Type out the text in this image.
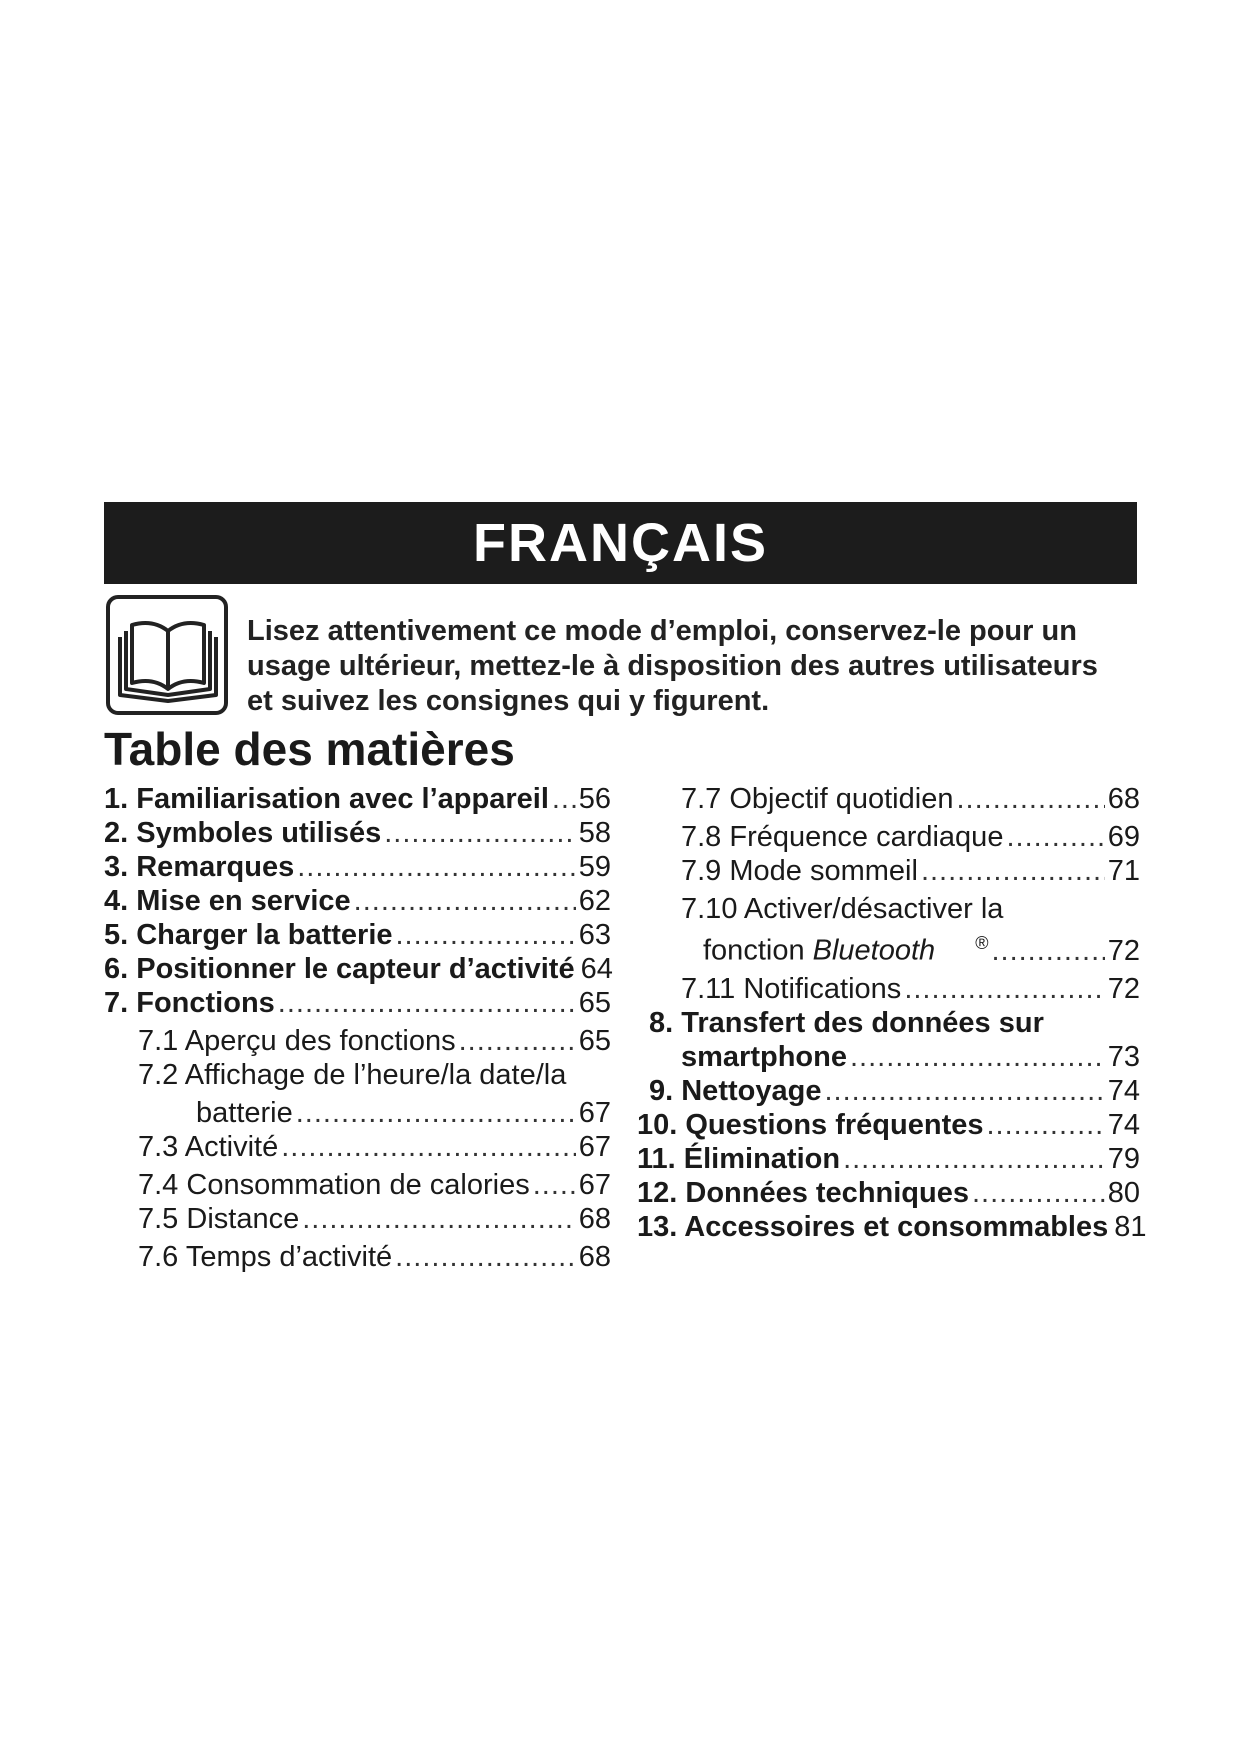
FRANÇAIS
Lisez attentivement ce mode d’emploi, conservez-le pour un
usage ultérieur, mettez-le à disposition des autres utilisateurs
et suivez les consignes qui y figurent.
Table des matières
1. Familiarisation avec l’appareil ..... 56
2. Symboles utilisés .....	58
3. Remarques .....	59
4. Mise en service .....	62
5. Charger la batterie .....	63
6. Positionner le capteur d’activité 64
7. Fonctions .....	65
7.1 Aperçu des fonctions .....	65
7.2 Affichage de l’heure/la date/la
batterie .....	67
7.3 Activité .....	67
7.4 Consommation de calories ..... 67
7.5 Distance .....	68
7.6 Temps d’activité .....	68
7.7 Objectif quotidien .....	68
7.8 Fréquence cardiaque .....	69
7.9 Mode sommeil .....	71
7.10 Activer/désactiver la
fonction Bluetooth ® .....	72
7.11 Notifications .....	72
8. Transfert des données sur
smartphone .....	73
9. Nettoyage .....	74
10. Questions fréquentes .....	74
11. Élimination .....	79
12. Données techniques .....	80
13. Accessoires et consommables 81
